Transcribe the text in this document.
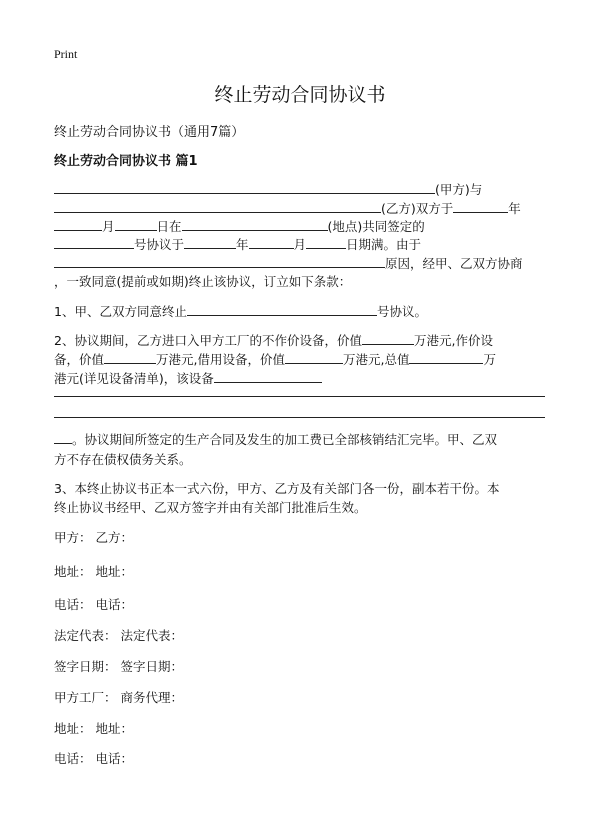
Print
终止劳动合同协议书
终止劳动合同协议书（通用7篇）
终止劳动合同协议书 篇1
(甲方)与
(乙方)双方于	年
月	日在	(地点)共同签定的
号协议于	年	月	日期满。由于
原因，经甲、乙双方协商
，一致同意(提前或如期)终止该协议，订立如下条款：
1、甲、乙双方同意终止	号协议。
2、协议期间，乙方进口入甲方工厂的不作价设备，价值	万港元,作价设
备，价值	万港元,借用设备，价值	万港元,总值	万
港元(详见设备清单)，该设备
。协议期间所签定的生产合同及发生的加工费已全部核销结汇完毕。甲、乙双
方不存在债权债务关系。
3、本终止协议书正本一式六份，甲方、乙方及有关部门各一份，副本若干份。本
终止协议书经甲、乙双方签字并由有关部门批准后生效。
甲方： 乙方：
地址： 地址：
电话： 电话：
法定代表： 法定代表：
签字日期： 签字日期：
甲方工厂： 商务代理：
地址： 地址：
电话： 电话：
